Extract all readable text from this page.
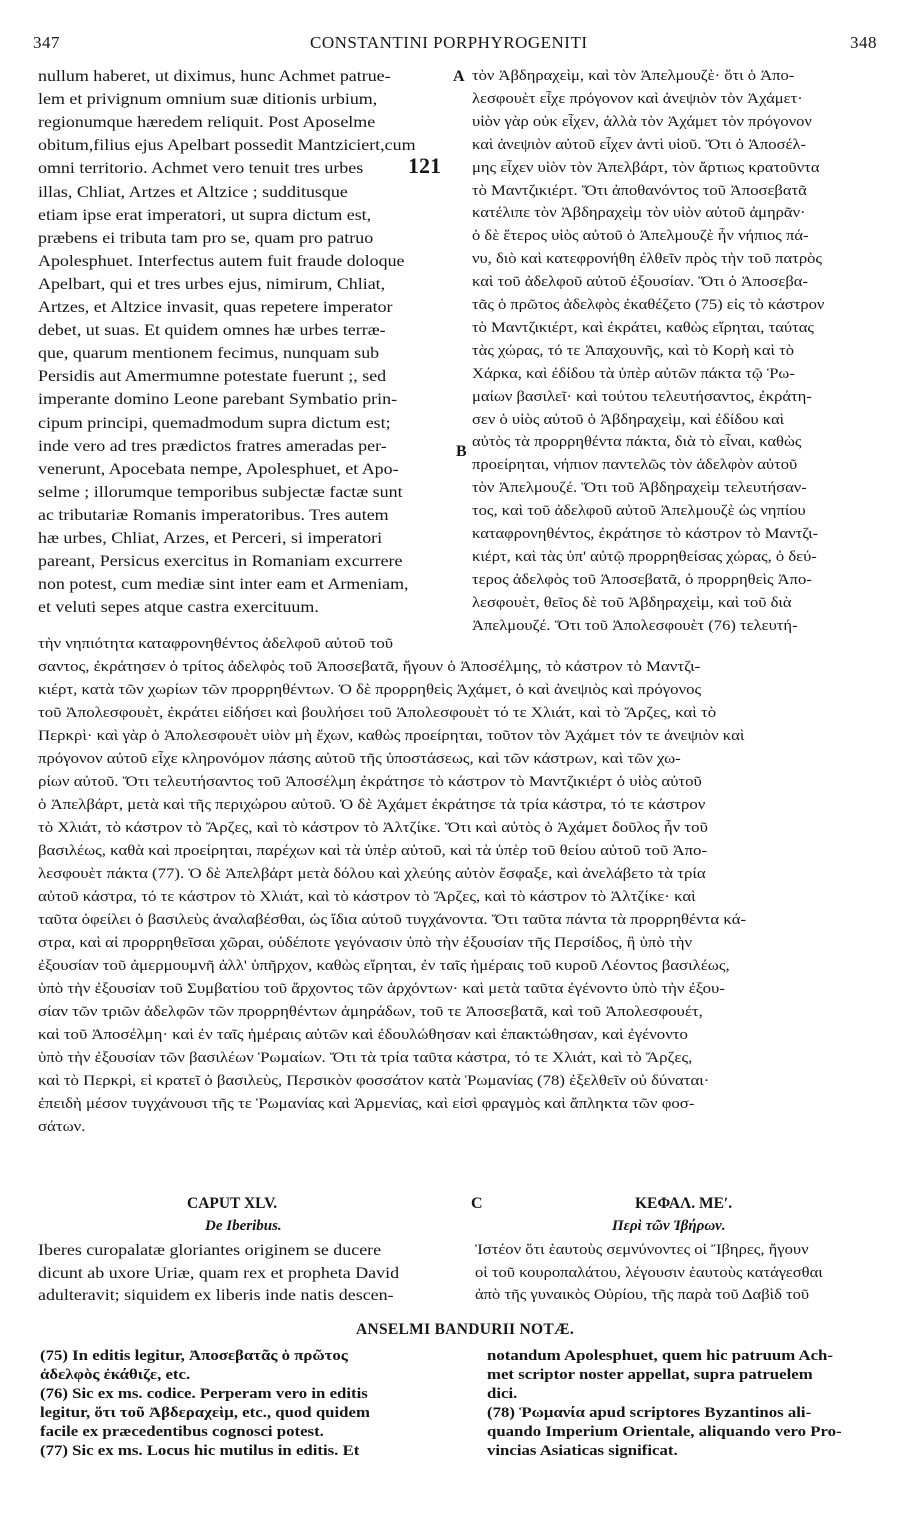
347	CONSTANTINI PORPHYROGENITI	348
A
121
B
C
nullum haberet, ut diximus, hunc Achmet patrue-
lem et privignum omnium suæ ditionis urbium,
regionumque hæredem reliquit. Post Aposelme
obitum,filius ejus Apelbart possedit Mantziciert,cum
omni territorio. Achmet vero tenuit tres urbes
illas, Chliat, Artzes et Altzice ; sudditusque
etiam ipse erat imperatori, ut supra dictum est,
præbens ei tributa tam pro se, quam pro patruo
Apolesphuet. Interfectus autem fuit fraude doloque
Apelbart, qui et tres urbes ejus, nimirum, Chliat,
Artzes, et Altzice invasit, quas repetere imperator
debet, ut suas. Et quidem omnes hæ urbes terræ-
que, quarum mentionem fecimus, nunquam sub
Persidis aut Amermumne potestate fuerunt ;, sed
imperante domino Leone parebant Symbatio prin-
cipum principi, quemadmodum supra dictum est;
inde vero ad tres prædictos fratres ameradas per-
venerunt, Apocebata nempe, Apolesphuet, et Apo-
selme ; illorumque temporibus subjectæ factæ sunt
ac tributariæ Romanis imperatoribus. Tres autem
hæ urbes, Chliat, Arzes, et Perceri, si imperatori
pareant, Persicus exercitus in Romaniam excurrere
non potest, cum mediæ sint inter eam et Armeniam,
et veluti sepes atque castra exercituum.
τὸν Ἀβδηραχεὶμ, καὶ τὸν Ἀπελμουζὲ· ὅτι ὁ Ἀπο-
λεσφουὲτ εἶχε πρόγονον καὶ ἀνεψιὸν τὸν Ἀχάμετ·
υἱὸν γὰρ οὐκ εἶχεν, ἀλλὰ τὸν Ἀχάμετ τὸν πρόγονον
καὶ ἀνεψιὸν αὐτοῦ εἶχεν ἀντὶ υἱοῦ. Ὅτι ὁ Ἀποσέλ-
μης εἶχεν υἱὸν τὸν Ἀπελβάρτ, τὸν ἄρτιως κρατοῦντα
τὸ Μαντζικιέρτ. Ὅτι ἀποθανόντος τοῦ Ἀποσεβατᾶ
κατέλιπε τὸν Ἀβδηραχεὶμ τὸν υἱὸν αὐτοῦ ἀμηρᾶν·
ὁ δὲ ἕτερος υἱὸς αὐτοῦ ὁ Ἀπελμουζὲ ἦν νήπιος πά-
νυ, διὸ καὶ κατεφρονήθη ἐλθεῖν πρὸς τὴν τοῦ πατρὸς
καὶ τοῦ ἀδελφοῦ αὐτοῦ ἐξουσίαν. Ὅτι ὁ Ἀποσεβα-
τᾶς ὁ πρῶτος ἀδελφὸς ἐκαθέζετο (75) εἰς τὸ κάστρον
τὸ Μαντζικιέρτ, καὶ ἐκράτει, καθὼς εἴρηται, ταύτας
τὰς χώρας, τό τε Ἀπαχουνῆς, καὶ τὸ Κορὴ καὶ τὸ
Χάρκα, καὶ ἐδίδου τὰ ὑπὲρ αὐτῶν πάκτα τῷ Ῥω-
μαίων βασιλεῖ· καὶ τούτου τελευτήσαντος, ἐκράτη-
σεν ὁ υἱὸς αὐτοῦ ὁ Ἀβδηραχεὶμ, καὶ ἐδίδου καὶ
αὐτὸς τὰ προρρηθέντα πάκτα, διὰ τὸ εἶναι, καθὼς
προείρηται, νήπιον παντελῶς τὸν ἀδελφὸν αὐτοῦ
τὸν Ἀπελμουζέ. Ὅτι τοῦ Ἀβδηραχεὶμ τελευτήσαν-
τος, καὶ τοῦ ἀδελφοῦ αὐτοῦ Ἀπελμουζὲ ὡς νηπίου
καταφρονηθέντος, ἐκράτησε τὸ κάστρον τὸ Μαντζι-
κιέρτ, καὶ τὰς ὑπ' αὐτῷ προρρηθείσας χώρας, ὁ δεύ-
τερος ἀδελφὸς τοῦ Ἀποσεβατᾶ, ὁ προρρηθεὶς Ἀπο-
λεσφουὲτ, θεῖος δὲ τοῦ Ἀβδηραχεὶμ, καὶ τοῦ διὰ
Ἀπελμουζέ. Ὅτι τοῦ Ἀπολεσφουὲτ (76) τελευτή-
τὴν νηπιότητα καταφρονηθέντος ἀδελφοῦ αὐτοῦ τοῦ
σαντος, ἐκράτησεν ὁ τρίτος ἀδελφὸς τοῦ Ἀποσεβατᾶ, ἤγουν ὁ Ἀποσέλμης, τὸ κάστρον τὸ Μαντζι-
κιέρτ, κατὰ τῶν χωρίων τῶν προρρηθέντων. Ὁ δὲ προρρηθεὶς Ἀχάμετ, ὁ καὶ ἀνεψιὸς καὶ πρόγονος
τοῦ Ἀπολεσφουὲτ, ἐκράτει εἰδήσει καὶ βουλήσει τοῦ Ἀπολεσφουὲτ τό τε Χλιάτ, καὶ τὸ Ἄρζες, καὶ τὸ
Περκρὶ· καὶ γὰρ ὁ Ἀπολεσφουὲτ υἱὸν μὴ ἔχων, καθὼς προείρηται, τοῦτον τὸν Ἀχάμετ τόν τε ἀνεψιὸν καὶ
πρόγονον αὐτοῦ εἶχε κληρονόμον πάσης αὐτοῦ τῆς ὑποστάσεως, καὶ τῶν κάστρων, καὶ τῶν χω-
ρίων αὐτοῦ. Ὅτι τελευτήσαντος τοῦ Ἀποσέλμη ἐκράτησε τὸ κάστρον τὸ Μαντζικιέρτ ὁ υἱὸς αὐτοῦ
ὁ Ἀπελβάρτ, μετὰ καὶ τῆς περιχώρου αὐτοῦ. Ὁ δὲ Ἀχάμετ ἐκράτησε τὰ τρία κάστρα, τό τε κάστρον
τὸ Χλιάτ, τὸ κάστρον τὸ Ἄρζες, καὶ τὸ κάστρον τὸ Ἀλτζίκε. Ὅτι καὶ αὐτὸς ὁ Ἀχάμετ δοῦλος ἦν τοῦ
βασιλέως, καθὰ καὶ προείρηται, παρέχων καὶ τὰ ὑπὲρ αὐτοῦ, καὶ τὰ ὑπὲρ τοῦ θείου αὐτοῦ τοῦ Ἀπο-
λεσφουὲτ πάκτα (77). Ὁ δὲ Ἀπελβάρτ μετὰ δόλου καὶ χλεύης αὐτὸν ἔσφαξε, καὶ ἀνελάβετο τὰ τρία
αὐτοῦ κάστρα, τό τε κάστρον τὸ Χλιάτ, καὶ τὸ κάστρον τὸ Ἄρζες, καὶ τὸ κάστρον τὸ Ἀλτζίκε· καὶ
ταῦτα ὀφείλει ὁ βασιλεὺς ἀναλαβέσθαι, ὡς ἴδια αὐτοῦ τυγχάνοντα. Ὅτι ταῦτα πάντα τὰ προρρηθέντα κά-
στρα, καὶ αἱ προρρηθεῖσαι χῶραι, οὐδέποτε γεγόνασιν ὑπὸ τὴν ἐξουσίαν τῆς Περσίδος, ἢ ὑπὸ τὴν
ἐξουσίαν τοῦ ἀμερμουμνῆ ἀλλ' ὑπῆρχον, καθὼς εἴρηται, ἐν ταῖς ἡμέραις τοῦ κυροῦ Λέοντος βασιλέως,
ὑπὸ τὴν ἐξουσίαν τοῦ Συμβατίου τοῦ ἄρχοντος τῶν ἀρχόντων· καὶ μετὰ ταῦτα ἐγένοντο ὑπὸ τὴν ἐξου-
σίαν τῶν τριῶν ἀδελφῶν τῶν προρρηθέντων ἀμηράδων, τοῦ τε Ἀποσεβατᾶ, καὶ τοῦ Ἀπολεσφουέτ,
καὶ τοῦ Ἀποσέλμη· καὶ ἐν ταῖς ἡμέραις αὐτῶν καὶ ἐδουλώθησαν καὶ ἐπακτώθησαν, καὶ ἐγένοντο
ὑπὸ τὴν ἐξουσίαν τῶν βασιλέων Ῥωμαίων. Ὅτι τὰ τρία ταῦτα κάστρα, τό τε Χλιάτ, καὶ τὸ Ἄρζες,
καὶ τὸ Περκρὶ, εἰ κρατεῖ ὁ βασιλεὺς, Περσικὸν φοσσάτον κατὰ Ῥωμανίας (78) ἐξελθεῖν οὐ δύναται·
ἐπειδὴ μέσον τυγχάνουσι τῆς τε Ῥωμανίας καὶ Ἀρμενίας, καὶ εἰσὶ φραγμὸς καὶ ἄπληκτα τῶν φοσ-
σάτων.
CAPUT XLV.
De Iberibus.
ΚΕΦΑΛ. ΜΕʹ.
Περὶ τῶν Ἰβήρων.
Iberes curopalatæ gloriantes originem se ducere
dicunt ab uxore Uriæ, quam rex et propheta David
adulteravit; siquidem ex liberis inde natis descen-
Ἰστέον ὅτι ἑαυτοὺς σεμνύνοντες οἱ Ἴβηρες, ἤγουν
οἱ τοῦ κουροπαλάτου, λέγουσιν ἑαυτοὺς κατάγεσθαι
ἀπὸ τῆς γυναικὸς Οὐρίου, τῆς παρὰ τοῦ Δαβὶδ τοῦ
ANSELMI BANDURII NOTÆ.
(75) In editis legitur, Ἀποσεβατᾶς ὁ πρῶτος
ἀδελφὸς ἐκάθιζε, etc.
(76) Sic ex ms. codice. Perperam vero in editis
legitur, ὅτι τοῦ Ἀβδεραχεὶμ, etc., quod quidem
facile ex præcedentibus cognosci potest.
(77) Sic ex ms. Locus hic mutilus in editis. Et
notandum Apolesphuet, quem hic patruum Ach-
met scriptor noster appellat, supra patruelem
dici.
(78) Ῥωμανία apud scriptores Byzantinos ali-
quando Imperium Orientale, aliquando vero Pro-
vincias Asiaticas significat.
